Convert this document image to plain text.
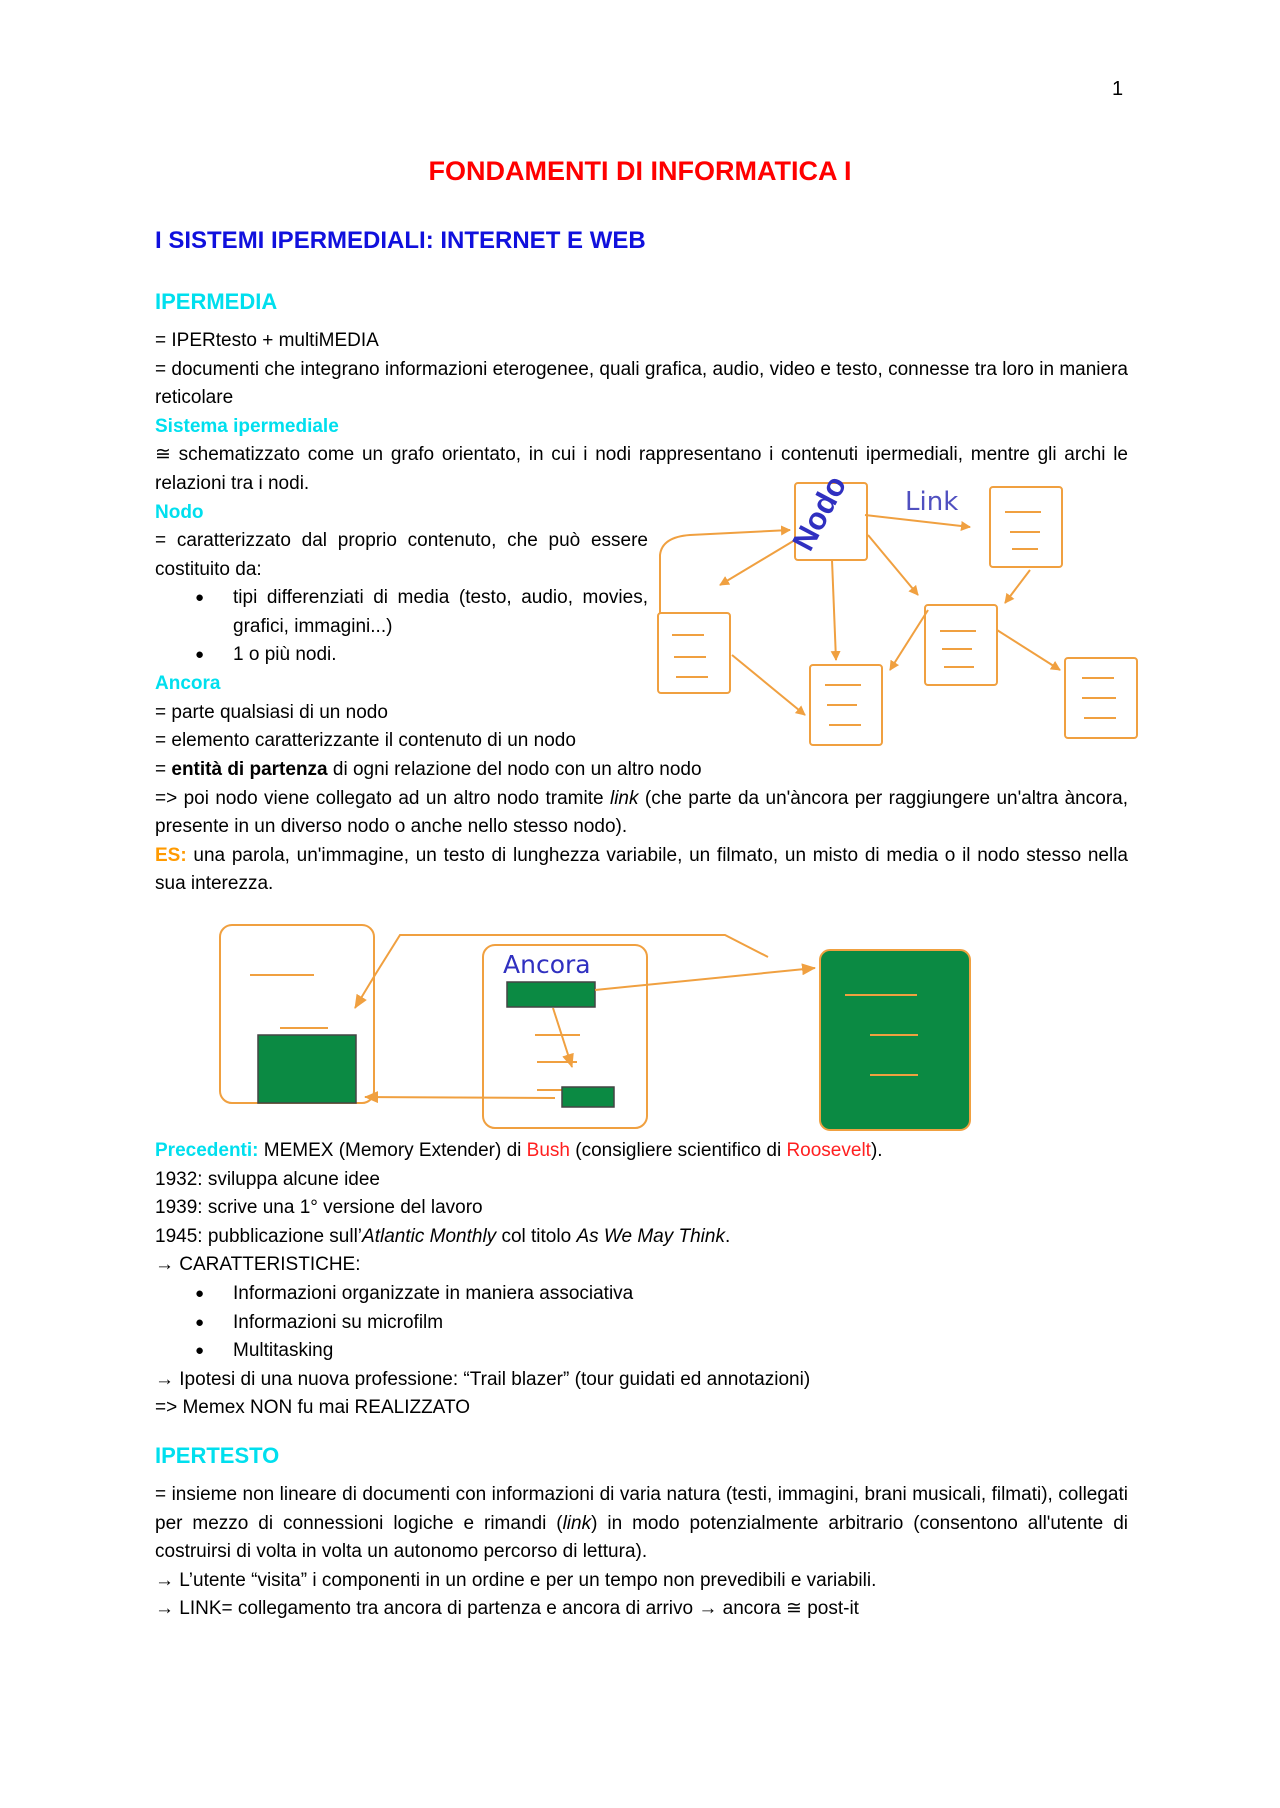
1
FONDAMENTI DI INFORMATICA I
I SISTEMI IPERMEDIALI: INTERNET E WEB
IPERMEDIA

= IPERtesto + multiMEDIA

= documenti che integrano informazioni eterogenee, quali grafica, audio, video e testo, connesse tra loro in maniera reticolare

Sistema ipermediale

≅ schematizzato come un grafo orientato, in cui i nodi rappresentano i contenuti ipermediali, mentre gli archi le relazioni tra i nodi.

Nodo

= caratterizzato dal proprio contenuto, che può essere costituito da:

● tipi differenziati di media (testo, audio, movies, grafici, immagini...)
● 1 o più nodi.

Ancora

= parte qualsiasi di un nodo

= elemento caratterizzante il contenuto di un nodo

= entità di partenza di ogni relazione del nodo con un altro nodo

=> poi nodo viene collegato ad un altro nodo tramite link (che parte da un'àncora per raggiungere un'altra àncora, presente in un diverso nodo o anche nello stesso nodo).

ES: una parola, un'immagine, un testo di lunghezza variabile, un filmato, un misto di media o il nodo stesso nella sua interezza.

Nodo Link
Ancora

Precedenti: MEMEX (Memory Extender) di Bush (consigliere scientifico di Roosevelt).

1932: sviluppa alcune idee

1939: scrive una 1° versione del lavoro

1945: pubblicazione sull’Atlantic Monthly col titolo As We May Think.

→ CARATTERISTICHE:

● Informazioni organizzate in maniera associativa
● Informazioni su microfilm
● Multitasking

→ Ipotesi di una nuova professione: “Trail blazer” (tour guidati ed annotazioni)

=> Memex NON fu mai REALIZZATO

IPERTESTO

= insieme non lineare di documenti con informazioni di varia natura (testi, immagini, brani musicali, filmati), collegati per mezzo di connessioni logiche e rimandi (link) in modo potenzialmente arbitrario (consentono all'utente di costruirsi di volta in volta un autonomo percorso di lettura).

→ L’utente “visita” i componenti in un ordine e per un tempo non prevedibili e variabili.

→ LINK= collegamento tra ancora di partenza e ancora di arrivo → ancora ≅ post-it
